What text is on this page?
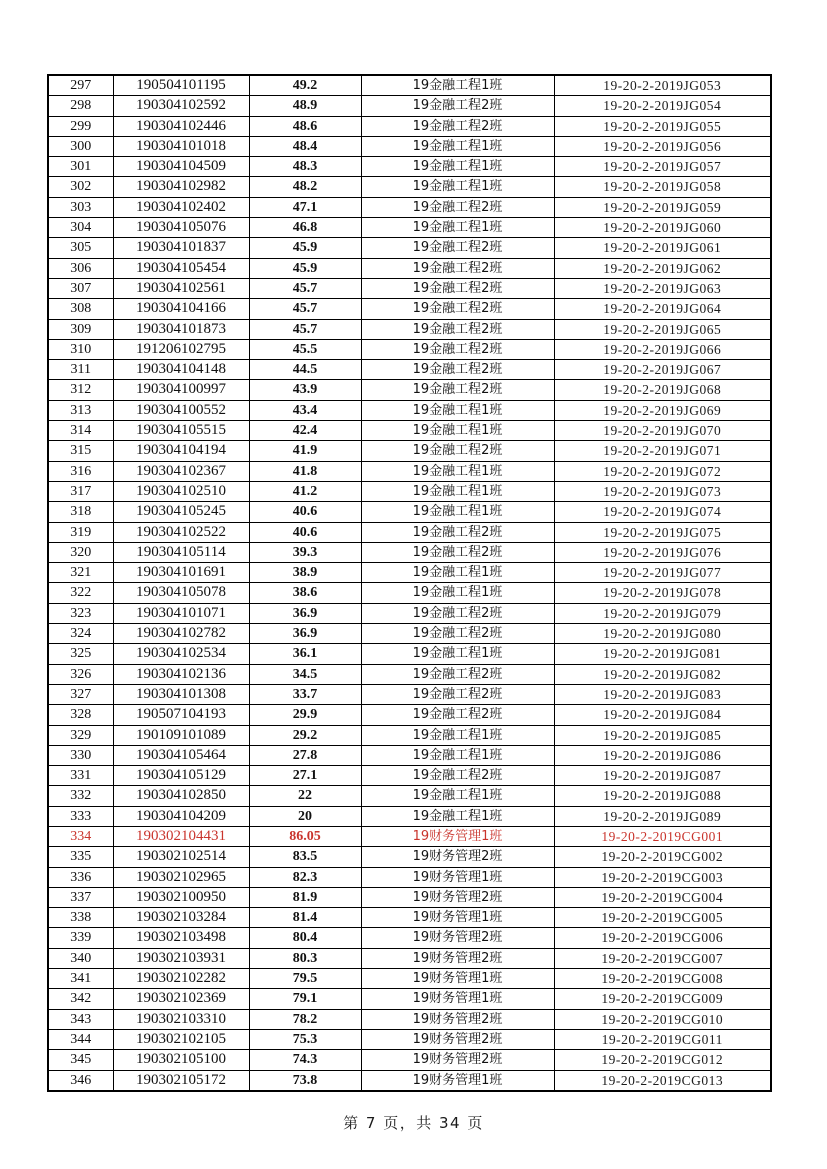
297	190504101195	49.2	19金融工程1班	19-20-2-2019JG053
298	190304102592	48.9	19金融工程2班	19-20-2-2019JG054
299	190304102446	48.6	19金融工程2班	19-20-2-2019JG055
300	190304101018	48.4	19金融工程1班	19-20-2-2019JG056
301	190304104509	48.3	19金融工程1班	19-20-2-2019JG057
302	190304102982	48.2	19金融工程1班	19-20-2-2019JG058
303	190304102402	47.1	19金融工程2班	19-20-2-2019JG059
304	190304105076	46.8	19金融工程1班	19-20-2-2019JG060
305	190304101837	45.9	19金融工程2班	19-20-2-2019JG061
306	190304105454	45.9	19金融工程2班	19-20-2-2019JG062
307	190304102561	45.7	19金融工程2班	19-20-2-2019JG063
308	190304104166	45.7	19金融工程2班	19-20-2-2019JG064
309	190304101873	45.7	19金融工程2班	19-20-2-2019JG065
310	191206102795	45.5	19金融工程2班	19-20-2-2019JG066
311	190304104148	44.5	19金融工程2班	19-20-2-2019JG067
312	190304100997	43.9	19金融工程2班	19-20-2-2019JG068
313	190304100552	43.4	19金融工程1班	19-20-2-2019JG069
314	190304105515	42.4	19金融工程1班	19-20-2-2019JG070
315	190304104194	41.9	19金融工程2班	19-20-2-2019JG071
316	190304102367	41.8	19金融工程1班	19-20-2-2019JG072
317	190304102510	41.2	19金融工程1班	19-20-2-2019JG073
318	190304105245	40.6	19金融工程1班	19-20-2-2019JG074
319	190304102522	40.6	19金融工程2班	19-20-2-2019JG075
320	190304105114	39.3	19金融工程2班	19-20-2-2019JG076
321	190304101691	38.9	19金融工程1班	19-20-2-2019JG077
322	190304105078	38.6	19金融工程1班	19-20-2-2019JG078
323	190304101071	36.9	19金融工程2班	19-20-2-2019JG079
324	190304102782	36.9	19金融工程2班	19-20-2-2019JG080
325	190304102534	36.1	19金融工程1班	19-20-2-2019JG081
326	190304102136	34.5	19金融工程2班	19-20-2-2019JG082
327	190304101308	33.7	19金融工程2班	19-20-2-2019JG083
328	190507104193	29.9	19金融工程2班	19-20-2-2019JG084
329	190109101089	29.2	19金融工程1班	19-20-2-2019JG085
330	190304105464	27.8	19金融工程1班	19-20-2-2019JG086
331	190304105129	27.1	19金融工程2班	19-20-2-2019JG087
332	190304102850	22	19金融工程1班	19-20-2-2019JG088
333	190304104209	20	19金融工程1班	19-20-2-2019JG089
334	190302104431	86.05	19财务管理1班	19-20-2-2019CG001
335	190302102514	83.5	19财务管理2班	19-20-2-2019CG002
336	190302102965	82.3	19财务管理1班	19-20-2-2019CG003
337	190302100950	81.9	19财务管理2班	19-20-2-2019CG004
338	190302103284	81.4	19财务管理1班	19-20-2-2019CG005
339	190302103498	80.4	19财务管理2班	19-20-2-2019CG006
340	190302103931	80.3	19财务管理2班	19-20-2-2019CG007
341	190302102282	79.5	19财务管理1班	19-20-2-2019CG008
342	190302102369	79.1	19财务管理1班	19-20-2-2019CG009
343	190302103310	78.2	19财务管理2班	19-20-2-2019CG010
344	190302102105	75.3	19财务管理2班	19-20-2-2019CG011
345	190302105100	74.3	19财务管理2班	19-20-2-2019CG012
346	190302105172	73.8	19财务管理1班	19-20-2-2019CG013
第 7 页，共 34 页
